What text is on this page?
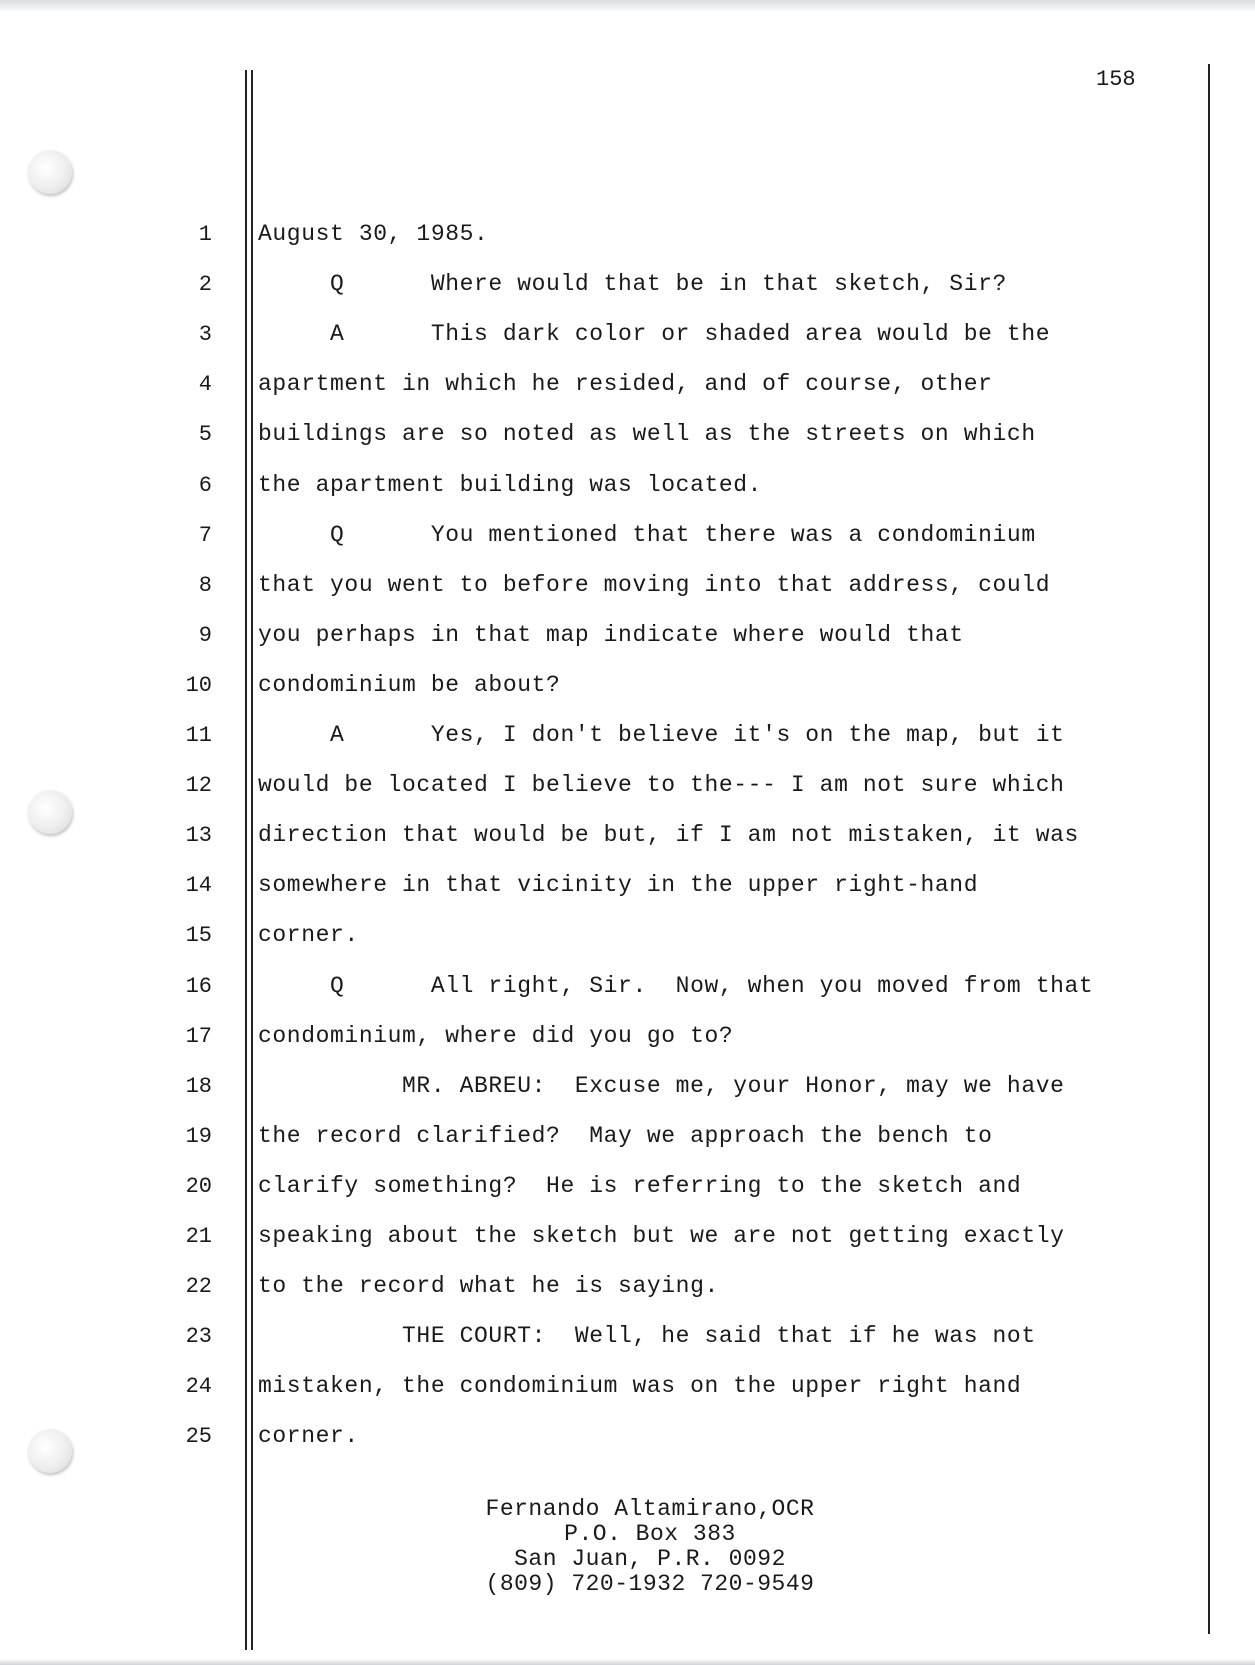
158
1 August 30, 1985.
2 Q      Where would that be in that sketch, Sir?
3 A      This dark color or shaded area would be the
4 apartment in which he resided, and of course, other
5 buildings are so noted as well as the streets on which
6 the apartment building was located.
7 Q      You mentioned that there was a condominium
8 that you went to before moving into that address, could
9 you perhaps in that map indicate where would that
10 condominium be about?
11 A      Yes, I don't believe it's on the map, but it
12 would be located I believe to the--- I am not sure which
13 direction that would be but, if I am not mistaken, it was
14 somewhere in that vicinity in the upper right-hand
15 corner.
16 Q      All right, Sir.  Now, when you moved from that
17 condominium, where did you go to?
18 MR. ABREU:  Excuse me, your Honor, may we have
19 the record clarified?  May we approach the bench to
20 clarify something?  He is referring to the sketch and
21 speaking about the sketch but we are not getting exactly
22 to the record what he is saying.
23 THE COURT:  Well, he said that if he was not
24 mistaken, the condominium was on the upper right hand
25 corner.
Fernando Altamirano,OCR
P.O. Box 383
San Juan, P.R. 0092
(809) 720-1932 720-9549
